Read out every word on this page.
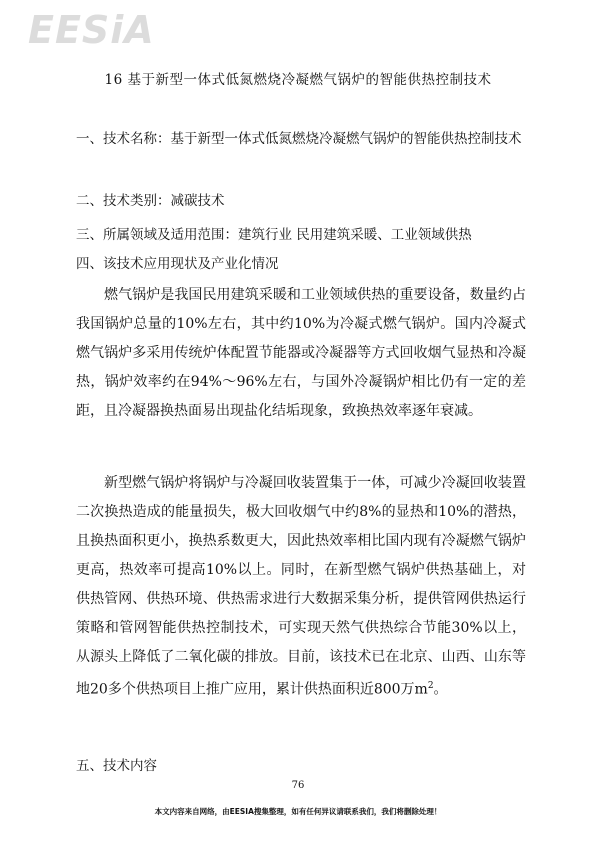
EESiA
16 基于新型一体式低氮燃烧冷凝燃气锅炉的智能供热控制技术
一、技术名称：基于新型一体式低氮燃烧冷凝燃气锅炉的智能供热控制技术
二、技术类别：减碳技术
三、所属领域及适用范围：建筑行业 民用建筑采暖、工业领域供热
四、该技术应用现状及产业化情况
燃气锅炉是我国民用建筑采暖和工业领域供热的重要设备，数量约占我国锅炉总量的10%左右，其中约10%为冷凝式燃气锅炉。国内冷凝式燃气锅炉多采用传统炉体配置节能器或冷凝器等方式回收烟气显热和冷凝热，锅炉效率约在94%～96%左右，与国外冷凝锅炉相比仍有一定的差距，且冷凝器换热面易出现盐化结垢现象，致换热效率逐年衰减。
新型燃气锅炉将锅炉与冷凝回收装置集于一体，可减少冷凝回收装置二次换热造成的能量损失，极大回收烟气中约8%的显热和10%的潜热，且换热面积更小，换热系数更大，因此热效率相比国内现有冷凝燃气锅炉更高，热效率可提高10%以上。同时，在新型燃气锅炉供热基础上，对供热管网、供热环境、供热需求进行大数据采集分析，提供管网供热运行策略和管网智能供热控制技术，可实现天然气供热综合节能30%以上，从源头上降低了二氧化碳的排放。目前，该技术已在北京、山西、山东等地20多个供热项目上推广应用，累计供热面积近800万$m^2$。
五、技术内容
76
本文内容来自网络，由EESIA搜集整理，如有任何异议请联系我们，我们将删除处理！
